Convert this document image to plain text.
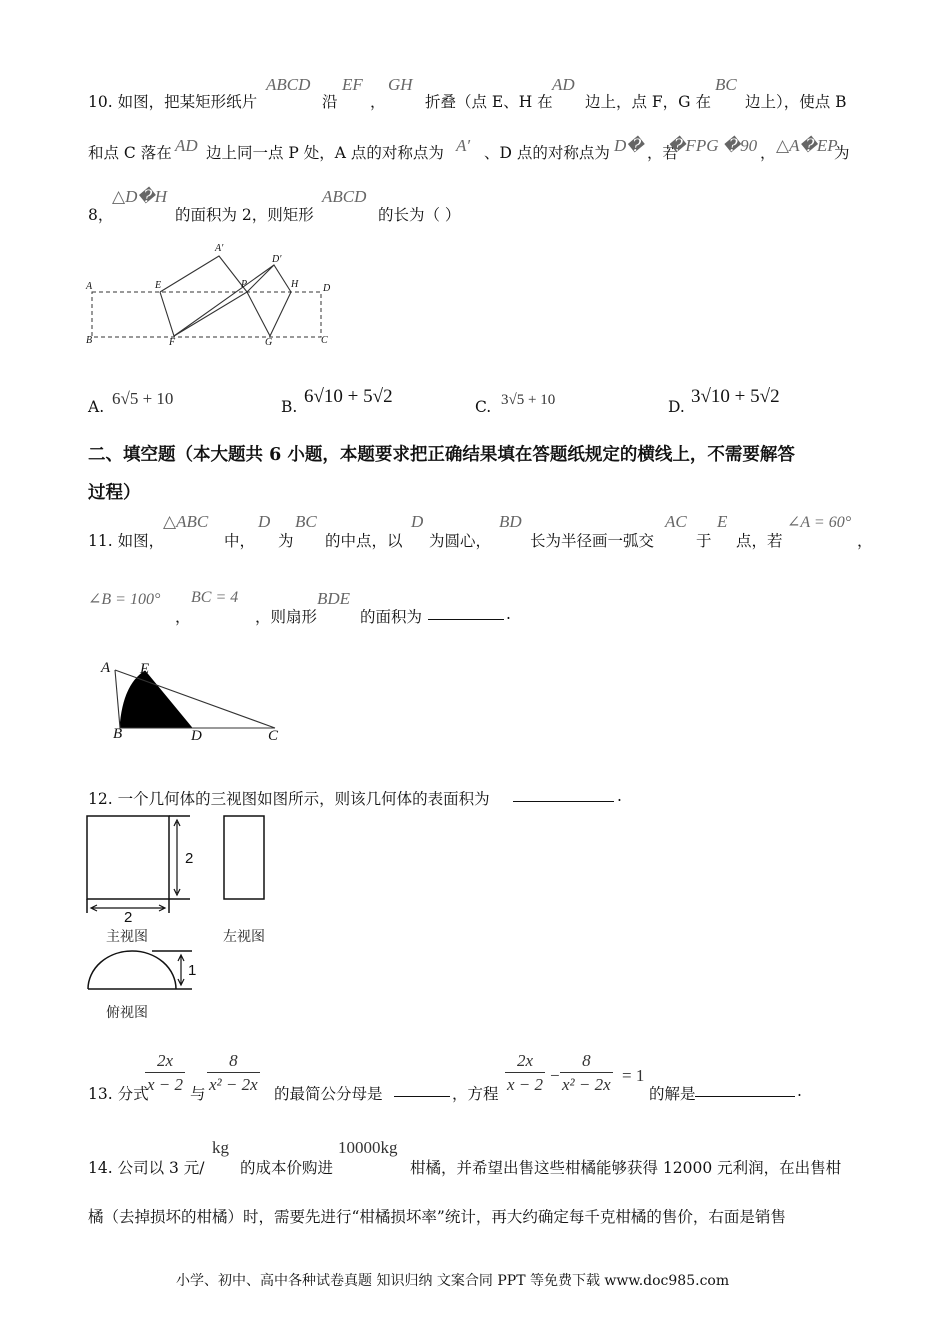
10. 如图，把某矩形纸片
ABCD
沿
EF
，
GH
折叠（点 E、H 在
AD
边上，点 F，G 在
BC
边上），使点 B
和点 C 落在 AD 边上同一点 P 处，A 点的对称点为 A′ 、D 点的对称点为 D� ，若
�FPG �90 ， △A�EP
为
8，
△D�H
的面积为 2，则矩形
ABCD
的长为（ ）
A	E
A′
P
D′
H D
B	F	G	C
A. 6√5 + 10	B. 6√10 + 5√2	C. 3√5 + 10	D. 3√10 + 5√2
二、填空题（本大题共 6 小题，本题要求把正确结果填在答题纸规定的横线上，不需要解答
过程）
11. 如图，
△ABC
中，
D
为
BC
的中点，以
D
为圆心，
BD
长为半径画一弧交
AC
于
E
点，若
∠A = 60°
，
∠B = 100°
，
BC = 4
，则扇形
BDE
的面积为	.
A E
B	D	C
12. 一个几何体的三视图如图所示，则该几何体的表面积为	.
2
2
1
主视图	左视图
俯视图
13. 分式
$\frac{2x}{x - 2}$ 与 $\frac{8}{\text{x² − 2x}}$ 的最简公分母是	，方程 $\frac{2x}{x - 2} - \frac{8}{\text{x² − 2x}} = 1$
的解是	.
14. 公司以 3 元/
kg
的成本价购进
10000kg
柑橘，并希望出售这些柑橘能够获得 12000 元利润，在出售柑
橘（去掉损坏的柑橘）时，需要先进行“柑橘损坏率”统计，再大约确定每千克柑橘的售价，右面是销售
小学、初中、高中各种试卷真题 知识归纳 文案合同 PPT 等免费下载 www.doc985.com
